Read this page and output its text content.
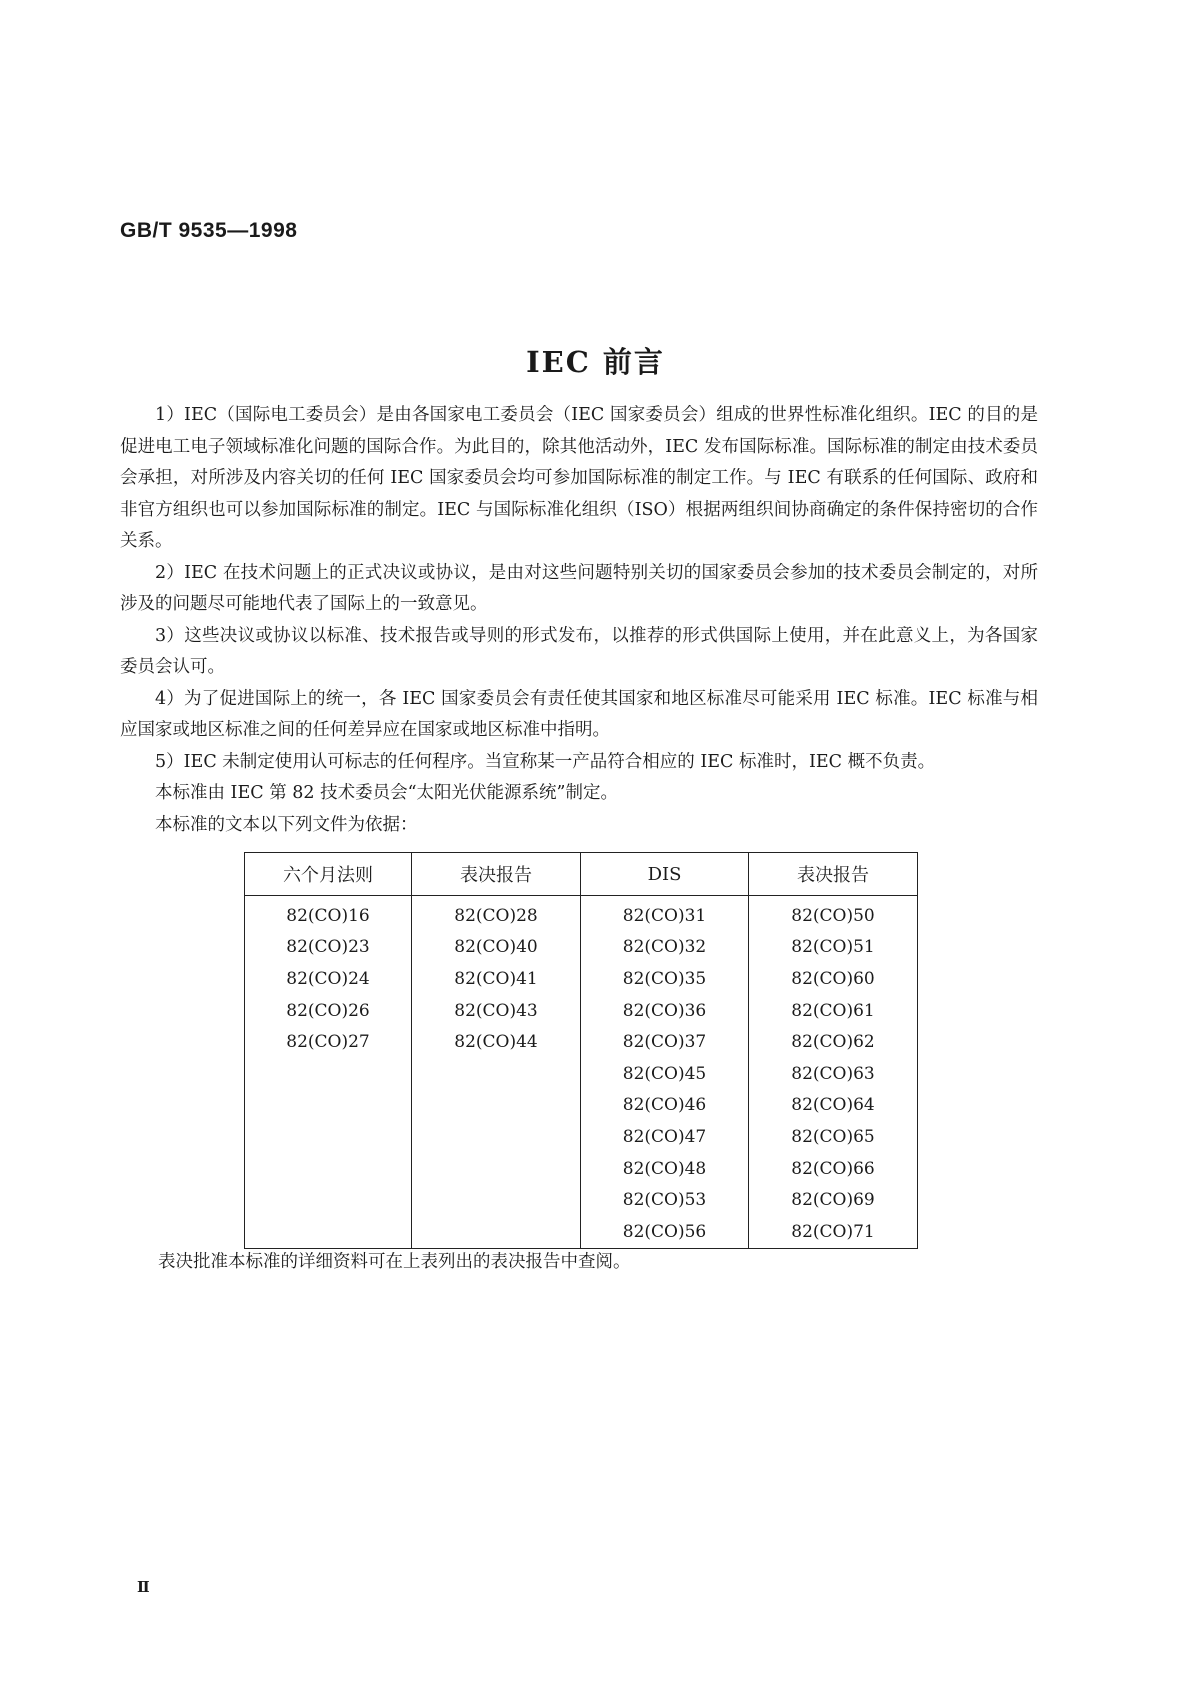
GB/T 9535—1998
IEC 前言

1）IEC（国际电工委员会）是由各国家电工委员会（IEC 国家委员会）组成的世界性标准化组织。IEC 的目的是促进电工电子领域标准化问题的国际合作。为此目的，除其他活动外，IEC 发布国际标准。国际标准的制定由技术委员会承担，对所涉及内容关切的任何 IEC 国家委员会均可参加国际标准的制定工作。与 IEC 有联系的任何国际、政府和非官方组织也可以参加国际标准的制定。IEC 与国际标准化组织（ISO）根据两组织间协商确定的条件保持密切的合作关系。

2）IEC 在技术问题上的正式决议或协议，是由对这些问题特别关切的国家委员会参加的技术委员会制定的，对所涉及的问题尽可能地代表了国际上的一致意见。

3）这些决议或协议以标准、技术报告或导则的形式发布，以推荐的形式供国际上使用，并在此意义上，为各国家委员会认可。

4）为了促进国际上的统一，各 IEC 国家委员会有责任使其国家和地区标准尽可能采用 IEC 标准。IEC 标准与相应国家或地区标准之间的任何差异应在国家或地区标准中指明。

5）IEC 未制定使用认可标志的任何程序。当宣称某一产品符合相应的 IEC 标准时，IEC 概不负责。

本标准由 IEC 第 82 技术委员会“太阳光伏能源系统”制定。

本标准的文本以下列文件为依据：

六个月法则	表决报告	DIS	表决报告
82(CO)16	82(CO)28	82(CO)31	82(CO)50
82(CO)23	82(CO)40	82(CO)32	82(CO)51
82(CO)24	82(CO)41	82(CO)35	82(CO)60
82(CO)26	82(CO)43	82(CO)36	82(CO)61
82(CO)27	82(CO)44	82(CO)37	82(CO)62
		82(CO)45	82(CO)63
		82(CO)46	82(CO)64
		82(CO)47	82(CO)65
		82(CO)48	82(CO)66
		82(CO)53	82(CO)69
		82(CO)56	82(CO)71
表决批准本标准的详细资料可在上表列出的表决报告中查阅。
Ⅱ
